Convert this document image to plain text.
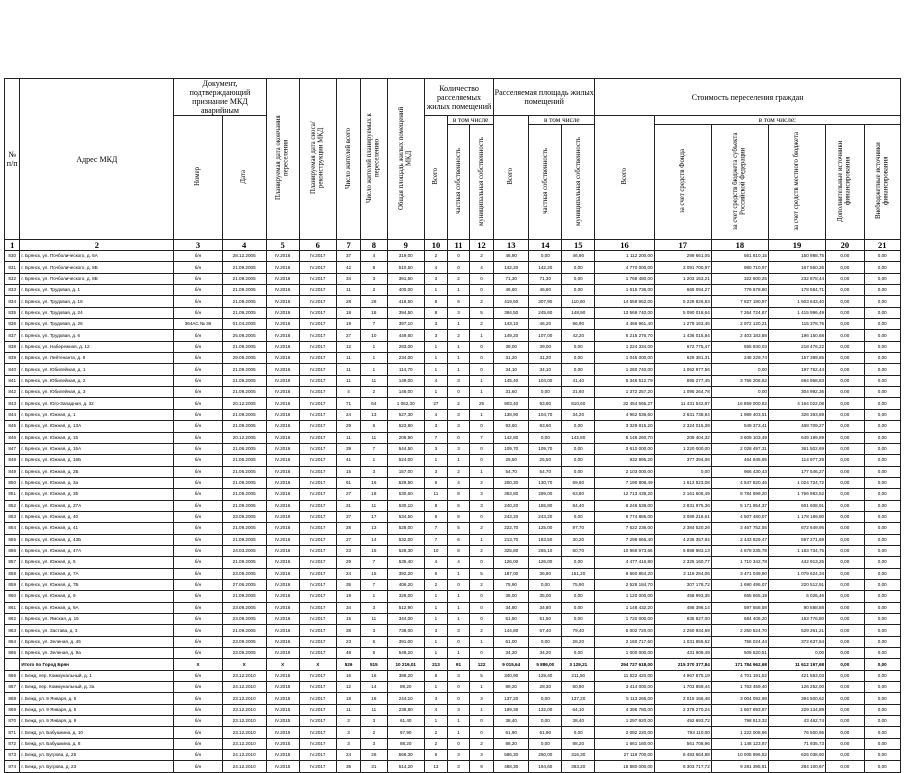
№ п/п	Адрес МКД	Документ, подтверждающий признание МКД аварийным		Планируемая дата окончания переселения	Планируемая дата сноса/реконструкции МКД	Число жителей всего	Число жителей планируемых к переселению	Общая площадь жилых помещений МКД	Количество расселяемых жилых помещений			Расселяемая площадь жилых помещений			Стоимость переселения граждан					
		Номер	Дата						Всего	в том числе		Всего	в том числе		Всего	в том числе:				
										частная собственность	муниципальная собственность		частная собственность	муниципальная собственность		за счет средств Фонда	за счет средств бюджета субъекта Российской Федерации	за счет средств местного бюджета	Дополнительные источники финансирования	Внебюджетные источники финансирования
1	2	3	4	5	6	7	8	9	10	11	12	13	14	15	16	17	18	19	20	21
830	г. Брянск, ул. Почболического, д. 6А	б/н	28.12.2005	IV.2016	IV.2017	37	4	319,00	2	0	2	46,90	0,00	46,90	1 112 200,00	299 661,05	561 810,15	150 988,75	0,00	0,00
831	г. Брянск, ул. Почболического, д. 8Б	б/н	21.09.2005	IV.2016	IV.2017	42	8	510,50	4	0	4	142,20	142,20	0,00	4 770 000,00	3 091 700,97	980 710,97	167 550,26	0,00	0,00
832	г. Брянск, ул. Почболического, д. 8Б	б/н	21.09.2005	IV.2016	IV.2017	34	3	391,50	3	2	0	71,30	71,30	0,00	1 768 480,00	1 203 153,21	322 600,25	232 878,44	0,00	0,00
833	г. Брянск, ул. Трудовая, д. 1	б/н	21.09.2005	IV.2016	IV.2017	11	2	400,00	1	1	0	46,60	46,60	0,00	1 615 736,00	665 094,27	779 678,80	178 584,71	0,00	0,00
834	г. Брянск, ул. Трудовая, д. 16	б/н	21.09.2005	IV.2016	IV.2017	28	28	418,50	8	6	2	419,50	307,90	110,60	14 559 952,00	5 229 826,83	7 827 180,97	1 503 643,40	0,00	0,00
835	г. Брянск, ул. Трудовая, д. 24	б/н	21.09.2005	IV.2016	IV.2017	18	18	394,50	8	3	5	394,50	245,60	148,90	13 569 740,00	5 090 018,64	7 264 724,87	1 415 996,49	0,00	0,00
836	г. Брянск, ул. Трудовая, д. 26	364АС № 36	01.04.2005	IV.2016	IV.2017	19	7	397,10	3	1	2	143,10	46,20	96,90	4 466 961,40	1 279 163,45	2 972 120,21	115 378,76	0,00	0,00
837	г. Брянск, ул. Трудовая, д. 6	б/н	25.09.2005	IV.2016	IV.2017	27	10	449,60	3	2	1	149,20	107,00	42,20	5 215 276,70	1 436 015,84	2 403 183,88	196 150,68	0,00	0,00
838	г. Брянск, ул. Набережная, д. 12	б/н	21.09.2005	IV.2016	IV.2017	12	1	283,00	1	1	0	39,00	39,00	0,00	1 224 334,00	672 775,47	555 930,03	218 476,22	0,00	0,00
839	г. Брянск, ул. Лейтенанта, д. 8	б/н	29.09.2005	IV.2016	IV.2017	11	1	234,00	1	1	0	31,20	31,20	0,00	1 045 000,00	629 381,31	248 229,74	157 389,85	0,00	0,00
840	г. Брянск, ул. Юбилейная, д. 1	б/н	21.09.2005	IV.2016	IV.2017	11	1	114,70	1	1	0	34,10	34,10	0,00	1 260 740,00	1 062 977,56	0,00	197 762,44	0,00	0,00
841	г. Брянск, ул. Юбилейная, д. 2	б/н	21.09.2005	IV.2016	IV.2017	11	11	149,00	4	3	1	145,40	104,00	41,40	5 346 512,79	895 277,45	3 756 206,62	694 968,83	0,00	0,00
842	г. Брянск, ул. Юбилейная, д. 3	б/н	21.09.2005	IV.2016	IV.2017	4	2	146,00	1	0	1	31,60	0,00	31,60	1 372 257,20	1 095 264,78	0,00	304 992,36	0,00	0,00
843	г. Брянск, ул. Юго-Западная, д. 32	б/н	20.12.2005	IV.2016	IV.2017	71	64	1 062,30	27	2	25	903,40	93,80	810,60	32 454 565,27	11 431 542,87	16 859 000,82	4 164 022,08	0,00	0,00
844	г. Брянск, ул. Южная, д. 1	б/н	21.09.2005	IV.2016	IV.2017	24	13	527,30	4	3	1	138,90	104,70	34,20	4 962 536,60	2 631 738,84	1 989 403,51	326 393,89	0,00	0,00
845	г. Брянск, ул. Южная, д. 13А	б/н	21.09.2005	IV.2016	IV.2017	29	6	523,80	3	3	0	93,60	93,60	0,00	3 329 815,20	2 324 015,39	549 373,41	468 709,27	0,00	0,00
846	г. Брянск, ул. Южная, д. 15	б/н	20.12.2005	IV.2016	IV.2017	11	11	206,90	7	0	7	142,80	0,00	142,80	5 148 260,70	209 404,32	3 609 103,49	649 199,89	0,00	0,00
847	г. Брянск, ул. Южная, д. 15А	б/н	21.06.2005	IV.2016	IV.2017	39	7	544,50	3	3	0	109,70	109,70	0,00	3 610 000,00	1 220 000,00	2 028 497,31	361 502,69	0,00	0,00
848	г. Брянск, ул. Южная, д. 16Б	б/н	21.06.2005	IV.2016	IV.2017	41	1	524,00	1	1	0	25,50	25,50	0,00	932 895,20	377 394,06	464 945,95	114 977,29	0,00	0,00
849	г. Брянск, ул. Южная, д. 2Б	б/н	21.06.2005	IV.2016	IV.2017	15	3	157,00	3	2	1	54,70	54,70	0,00	2 103 000,00	0,00	966 430,43	177 546,27	0,00	0,00
850	г. Брянск, ул. Южная, д. 3а	б/н	21.09.2005	IV.2016	IV.2017	61	16	529,50	6	4	2	200,30	130,70	69,60	7 190 808,49	1 613 523,08	4 547 820,46	1 024 724,72	0,00	0,00
851	г. Брянск, ул. Южная, д. 35	б/н	21.09.2005	IV.2016	IV.2017	27	18	530,60	11	8	3	363,80	299,00	63,80	12 713 439,20	2 161 606,49	8 784 699,20	1 766 983,52	0,00	0,00
852	г. Брянск, ул. Южная, д. 37А	б/н	21.09.2005	IV.2016	IV.2017	31	11	530,10	8	5	3	240,20	155,80	84,40	8 246 538,00	2 831 975,36	5 171 954,37	601 608,91	0,00	0,00
853	г. Брянск, ул. Южная, д. 40	б/н	23.09.2005	IV.2016	IV.2017	37	17	534,50	8	8	0	243,20	243,20	0,00	8 774 886,00	3 089 216,61	4 507 480,07	1 178 189,80	0,00	0,00
854	г. Брянск, ул. Южная, д. 41	б/н	21.09.2005	IV.2016	IV.2017	28	13	528,00	7	5	2	222,70	125,00	97,70	7 622 236,00	2 384 520,26	3 467 752,55	672 649,95	0,00	0,00
855	г. Брянск, ул. Южная, д. 43Б	б/н	21.09.2005	IV.2016	IV.2017	27	14	532,00	7	6	1	213,70	183,50	30,20	7 298 666,40	4 235 357,84	2 443 829,47	597 271,69	0,00	0,00
856	г. Брянск, ул. Южная, д. 47А	б/н	24.03.2005	IV.2016	IV.2017	23	15	528,30	10	8	2	325,80	265,10	60,70	10 966 973,66	5 888 983,13	4 678 235,78	1 183 734,75	0,00	0,00
857	г. Брянск, ул. Южная, д. 5	б/н	21.09.2005	IV.2016	IV.2017	29	7	535,40	4	4	0	126,00	126,00	0,00	4 477 416,80	2 325 160,77	1 710 342,78	442 913,25	0,00	0,00
858	г. Брянск, ул. Южная, д. 7А	б/н	23.09.2005	IV.2016	IV.2017	24	15	392,20	6	1	5	187,00	36,80	151,20	6 660 854,20	2 118 284,06	3 471 049,90	1 079 624,34	0,00	0,00
859	г. Брянск, ул. Южная, д. 7Б	б/н	27.06.2005	IV.2016	IV.2017	35	7	406,20	2	0	2	75,90	0,00	75,90	2 528 184,70	307 178,72	1 690 495,07	220 512,91	0,00	0,00
860	г. Брянск, ул. Южная, д. 9	б/н	21.09.2005	IV.2016	IV.2017	19	1	328,00	1	1	0	35,00	35,00	0,00	1 120 000,00	458 993,35	655 665,19	5 026,46	0,00	0,00
861	г. Брянск, ул. Южная, д. 9А	б/н	23.09.2005	IV.2016	IV.2017	34	3	512,90	1	1	0	34,80	34,80	0,00	1 148 432,20	488 396,14	597 658,58	90 588,88	0,00	0,00
862	г. Брянск, ул. Ямская, д. 15	б/н	23.09.2005	IV.2016	IV.2017	15	11	344,00	1	1	0	51,50	51,50	0,00	1 720 000,00	835 827,00	684 406,20	153 776,80	0,00	0,00
863	г. Брянск, ул. Застава, д. 3	б/н	21.09.2005	IV.2016	IV.2017	38	3	738,00	3	3	2	144,80	67,40	79,40	5 002 720,00	2 250 934,69	2 250 524,70	529 261,21	0,00	0,00
864	г. Брянск, ул. Зеленая, д. 45	б/н	23.09.2005	IV.2016	IV.2017	23	5	391,00	1	0	1	61,00	0,00	28,20	2 160 717,60	1 031 855,52	756 024,44	372 637,64	0,00	0,00
865	г. Брянск, ул. Зеленая, д. 9а	б/н	23.09.2005	IV.2016	IV.2017	48	6	549,20	1	1	0	34,20	34,20	0,00	1 000 000,00	431 909,49	509 620,51	0,00	0,00	0,00
	Итого по Город Брян	Х	Х	Х	Х	526	515	10 219,01	213	91	122	9 015,64	5 886,00	3 129,21	294 727 618,00	215 370 377,84	171 784 962,68	11 612 197,68	0,00	0,00
866	г. Бежд, пер. Коммунальный, д. 1	б/н	23.12.2010	IV.2015	IV.2017	16	16	388,20	8	3	5	340,90	129,40	211,50	11 522 420,00	4 967 875,19	4 701 191,52	421 553,03	0,00	0,00
867	г. Бежд, пер. Коммунальный, д. 3а	б/н	24.12.2010	IV.2015	IV.2017	12	14	89,20	1	0	1	89,20	28,30	60,90	3 414 000,00	1 703 859,44	1 763 459,40	126 252,00	0,00	0,00
868	г. Бежд, ул. 9 Января, д. 5	б/н	23.12.2010	IV.2015	IV.2017	18	18	244,10	3	0	3	137,20	0,00	137,20	5 113 266,00	2 015 166,48	3 004 092,98	394 500,62	0,00	0,00
869	г. Бежд, ул. 9 Января, д. 5	б/н	23.12.2010	IV.2015	IV.2017	11	11	238,80	4	3	1	199,36	132,00	64,10	4 396 780,00	2 379 270,24	1 667 893,87	229 134,89	0,00	0,00
870	г. Бежд, ул. 9 Января, д. 9	б/н	23.12.2010	IV.2015	IV.2017	3	3	61,40	1	1	0	38,40	0,00	38,40	1 297 920,00	492 693,72	798 813,32	43 462,74	0,00	0,00
871	г. Бежд, ул. Бабушкина, д. 10	б/н	23.12.2010	IV.2015	IV.2017	3	2	67,90	2	1	0	61,90	61,90	0,00	2 092 220,00	793 110,00	1 222 008,96	76 500,95	0,00	0,00
872	г. Бежд, ул. Бабушкина, д. 8	б/н	23.12.2010	IV.2015	IV.2017	3	3	88,20	2	0	2	88,20	0,00	88,20	1 661 160,00	561 708,96	1 148 123,87	71 935,73	0,00	0,00
873	г. Бежд, ул. Бугрова, д. 25	б/н	24.12.2010	IV.2015	IV.2017	24	26	566,30	6	3	3	566,30	250,00	316,30	27 119 700,00	6 483 664,88	10 005 996,52	626 038,60	0,00	0,00
874	г. Бежд, ул. Бугрова, д. 23	б/н	24.12.2010	IV.2015	IV.2017	35	31	514,20	13	3	9	488,30	194,60	363,20	18 880 000,00	6 303 717,72	9 281 395,81	284 100,67	0,00	0,00
